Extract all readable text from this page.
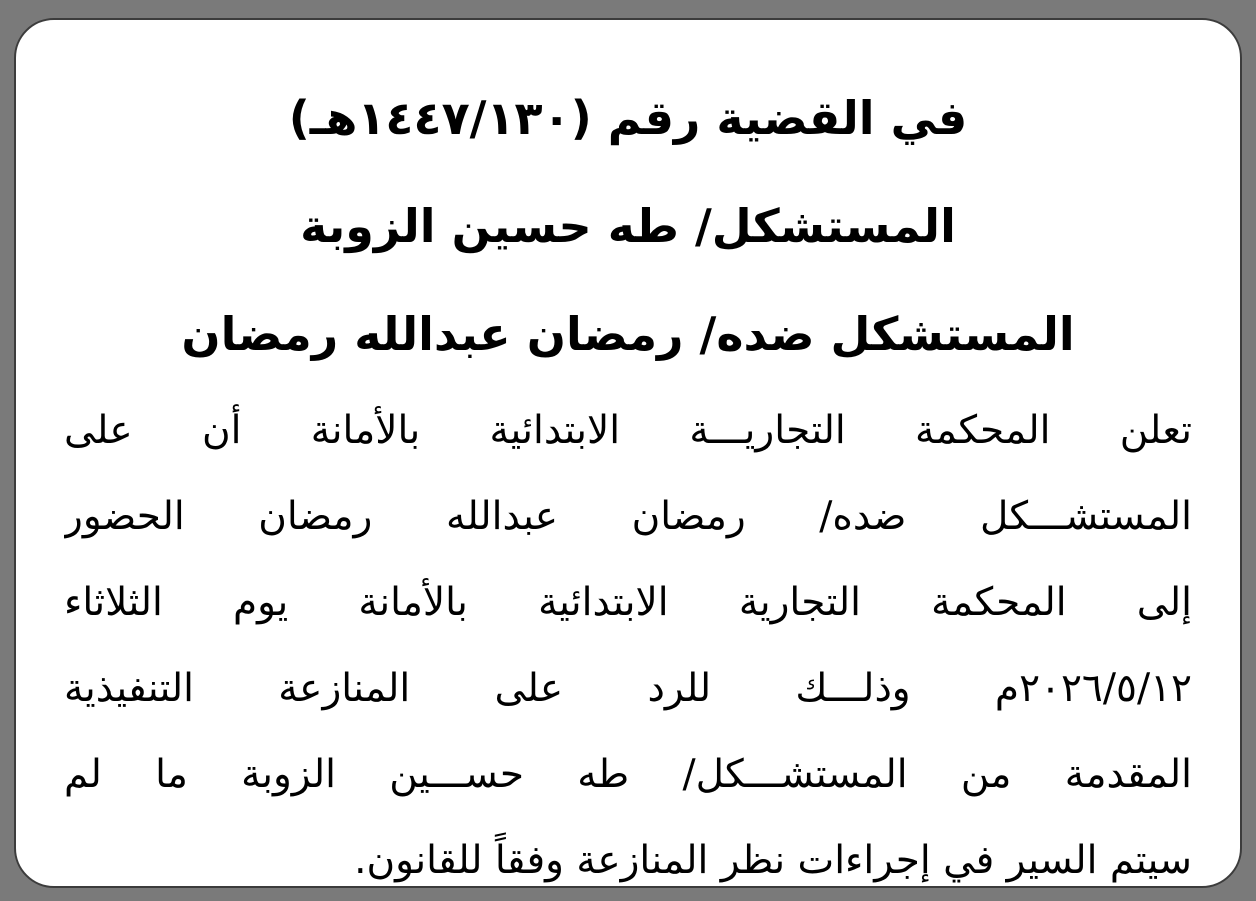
في القضية رقم (١٤٤٧/١٣٠هـ)
المستشكل/ طه حسين الزوبة
المستشكل ضده/ رمضان عبدالله رمضان

تعلن المحكمة التجاريـــة الابتدائية بالأمانة أن على

المستشـــكل ضده/ رمضان عبدالله رمضان الحضور

إلى المحكمة التجارية الابتدائية بالأمانة يوم الثلاثاء

٢٠٢٦/٥/١٢م وذلـــك للرد على المنازعة التنفيذية

المقدمة من المستشـــكل/ طه حســـين الزوبة ما لم

سيتم السير في إجراءات نظر المنازعة وفقاً للقانون.
